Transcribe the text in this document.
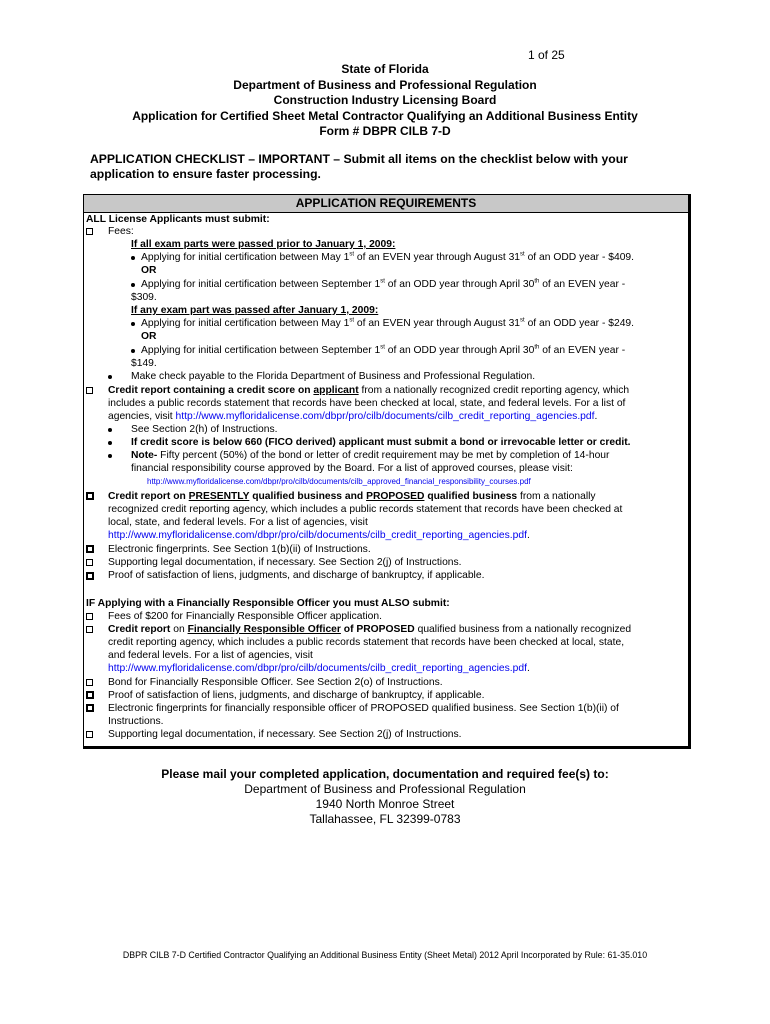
1 of 25
State of Florida
Department of Business and Professional Regulation
Construction Industry Licensing Board
Application for Certified Sheet Metal Contractor Qualifying an Additional Business Entity
Form # DBPR CILB 7-D
APPLICATION CHECKLIST – IMPORTANT – Submit all items on the checklist below with your
application to ensure faster processing.
APPLICATION REQUIREMENTS
ALL License Applicants must submit:
Fees:
If all exam parts were passed prior to January 1, 2009:
Applying for initial certification between May 1st of an EVEN year through August 31st of an ODD year - $409.
OR
Applying for initial certification between September 1st of an ODD year through April 30th of an EVEN year -
$309.
If any exam part was passed after January 1, 2009:
Applying for initial certification between May 1st of an EVEN year through August 31st of an ODD year - $249.
OR
Applying for initial certification between September 1st of an ODD year through April 30th of an EVEN year -
$149.
Make check payable to the Florida Department of Business and Professional Regulation.
Credit report containing a credit score on applicant from a nationally recognized credit reporting agency, which
includes a public records statement that records have been checked at local, state, and federal levels. For a list of
agencies, visit http://www.myfloridalicense.com/dbpr/pro/cilb/documents/cilb_credit_reporting_agencies.pdf.
See Section 2(h) of Instructions.
If credit score is below 660 (FICO derived) applicant must submit a bond or irrevocable letter or credit.
Note- Fifty percent (50%) of the bond or letter of credit requirement may be met by completion of 14-hour
financial responsibility course approved by the Board. For a list of approved courses, please visit:
http://www.myfloridalicense.com/dbpr/pro/cilb/documents/cilb_approved_financial_responsibility_courses.pdf
Credit report on PRESENTLY qualified business and PROPOSED qualified business from a nationally
recognized credit reporting agency, which includes a public records statement that records have been checked at
local, state, and federal levels. For a list of agencies, visit
http://www.myfloridalicense.com/dbpr/pro/cilb/documents/cilb_credit_reporting_agencies.pdf.
Electronic fingerprints. See Section 1(b)(ii) of Instructions.
Supporting legal documentation, if necessary. See Section 2(j) of Instructions.
Proof of satisfaction of liens, judgments, and discharge of bankruptcy, if applicable.
IF Applying with a Financially Responsible Officer you must ALSO submit:
Fees of $200 for Financially Responsible Officer application.
Credit report on Financially Responsible Officer of PROPOSED qualified business from a nationally recognized
credit reporting agency, which includes a public records statement that records have been checked at local, state,
and federal levels. For a list of agencies, visit
http://www.myfloridalicense.com/dbpr/pro/cilb/documents/cilb_credit_reporting_agencies.pdf.
Bond for Financially Responsible Officer. See Section 2(o) of Instructions.
Proof of satisfaction of liens, judgments, and discharge of bankruptcy, if applicable.
Electronic fingerprints for financially responsible officer of PROPOSED qualified business. See Section 1(b)(ii) of
Instructions.
Supporting legal documentation, if necessary. See Section 2(j) of Instructions.
Please mail your completed application, documentation and required fee(s) to:
Department of Business and Professional Regulation
1940 North Monroe Street
Tallahassee, FL 32399-0783
DBPR CILB 7-D Certified Contractor Qualifying an Additional Business Entity (Sheet Metal) 2012 April Incorporated by Rule: 61-35.010
